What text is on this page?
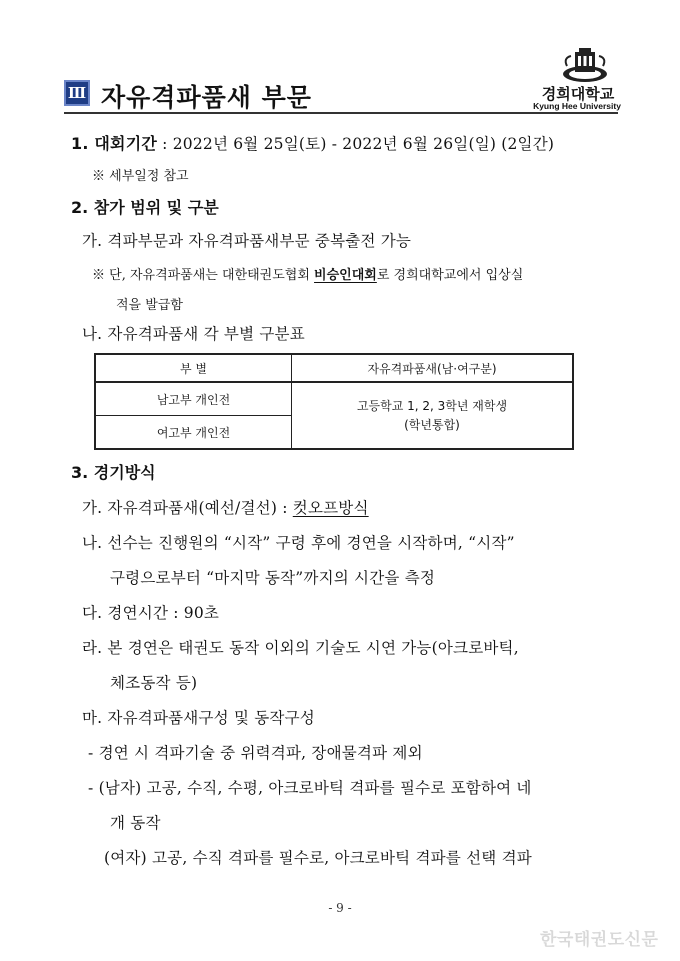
Ⅲ 자유격파품새 부문	경희대학교
Kyung Hee University
1. 대회기간 : 2022년 6월 25일(토) - 2022년 6월 26일(일) (2일간)
※ 세부일정 참고
2. 참가 범위 및 구분
가. 격파부문과 자유격파품새부문 중복출전 가능
※ 단, 자유격파품새는 대한태권도협회 비승인대회로 경희대학교에서 입상실
적을 발급함
나. 자유격파품새 각 부별 구분표
부 별	자유격파품새(남·여구분)
남고부 개인전	고등학교 1, 2, 3학년 재학생
(학년통합)

여고부 개인전	
3. 경기방식
가. 자유격파품새(예선/결선) : 컷오프방식
나. 선수는 진행원의 “시작” 구령 후에 경연을 시작하며, “시작”
구령으로부터 “마지막 동작”까지의 시간을 측정
다. 경연시간 : 90초
라. 본 경연은 태권도 동작 이외의 기술도 시연 가능(아크로바틱,
체조동작 등)
마. 자유격파품새구성 및 동작구성
- 경연 시 격파기술 중 위력격파, 장애물격파 제외
- (남자) 고공, 수직, 수평, 아크로바틱 격파를 필수로 포함하여 네
개 동작
(여자) 고공, 수직 격파를 필수로, 아크로바틱 격파를 선택 격파
- 9 -
한국태권도신문
